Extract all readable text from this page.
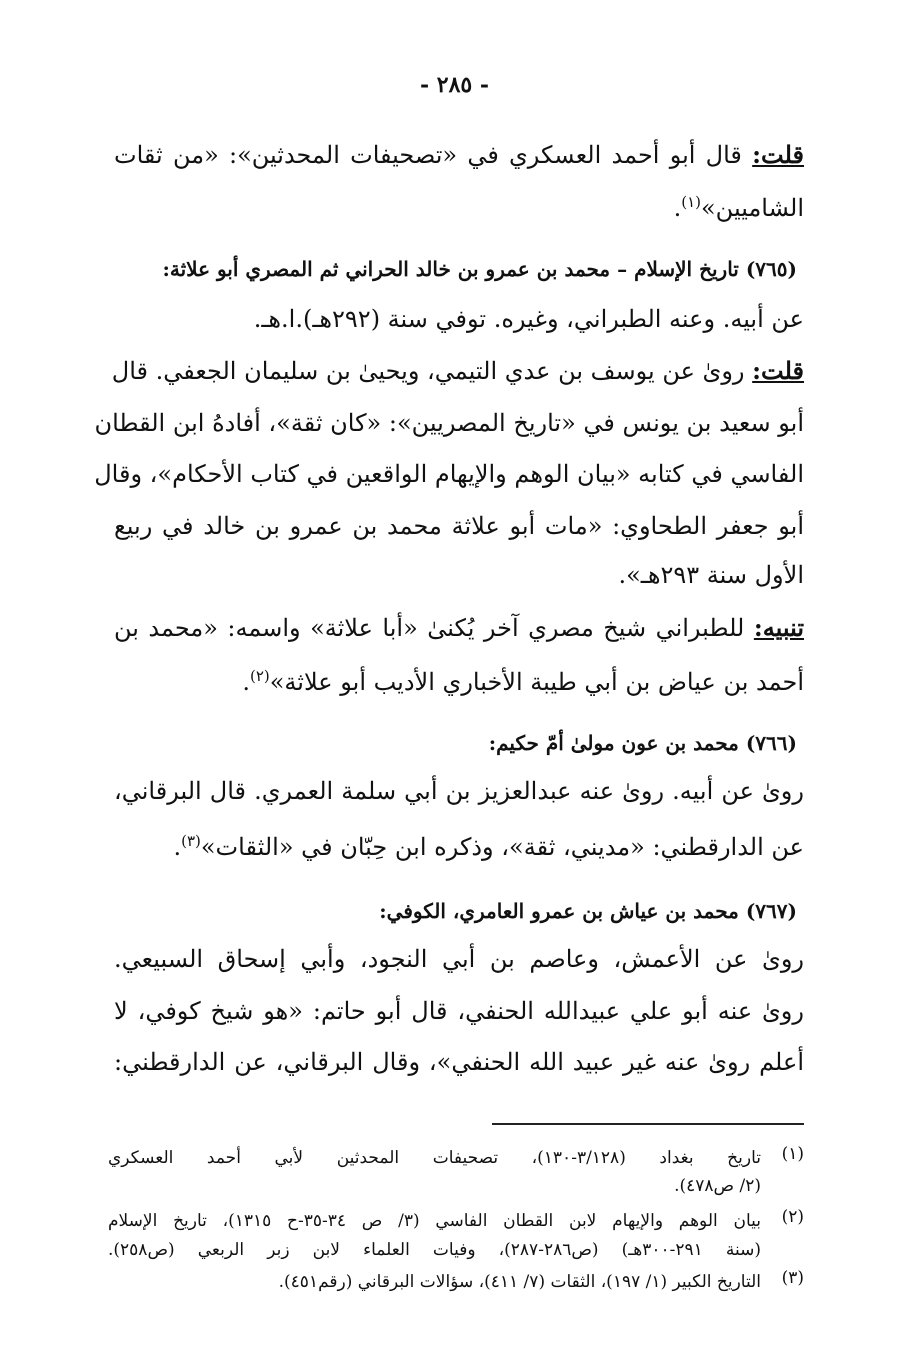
- ٢٨٥ -
قلت: قال أبو أحمد العسكري في «تصحيفات المحدثين»: «من ثقات
الشاميين»$^{(١)}$.
(٧٦٥) تاريخ الإسلام – محمد بن عمرو بن خالد الحراني ثم المصري أبو علاثة:
عن أبيه. وعنه الطبراني، وغيره. توفي سنة (٢٩٢هـ).ا.هـ.
قلت: روىٰ عن يوسف بن عدي التيمي، ويحيىٰ بن سليمان الجعفي. قال
أبو سعيد بن يونس في «تاريخ المصريين»: «كان ثقة»، أفادهُ ابن القطان
الفاسي في كتابه «بيان الوهم والإيهام الواقعين في كتاب الأحكام»، وقال
أبو جعفر الطحاوي: «مات أبو علاثة محمد بن عمرو بن خالد في ربيع
الأول سنة ٢٩٣هـ».
تنبيه: للطبراني شيخ مصري آخر يُكنىٰ «أبا علاثة» واسمه: «محمد بن
أحمد بن عياض بن أبي طيبة الأخباري الأديب أبو علاثة»$^{(٢)}$.
(٧٦٦) محمد بن عون مولىٰ أمّ حكيم:
روىٰ عن أبيه. روىٰ عنه عبدالعزيز بن أبي سلمة العمري. قال البرقاني،
عن الدارقطني: «مديني، ثقة»، وذكره ابن حِبّان في «الثقات»$^{(٣)}$.
(٧٦٧) محمد بن عياش بن عمرو العامري، الكوفي:
روىٰ عن الأعمش، وعاصم بن أبي النجود، وأبي إسحاق السبيعي.
روىٰ عنه أبو علي عبيدالله الحنفي، قال أبو حاتم: «هو شيخ كوفي، لا
أعلم روىٰ عنه غير عبيد الله الحنفي»، وقال البرقاني، عن الدارقطني:
(١)
تاريخ بغداد (٣/١٢٨-١٣٠)، تصحيفات المحدثين لأبي أحمد العسكري
(٢/ ص٤٧٨).
(٢)
بيان الوهم والإيهام لابن القطان الفاسي (٣/ ص ٣٤-٣٥-ح ١٣١٥)، تاريخ الإسلام
(سنة ٢٩١-٣٠٠هـ) (ص٢٨٦-٢٨٧)، وفيات العلماء لابن زبر الربعي (ص٢٥٨).
(٣)
التاريخ الكبير (١/ ١٩٧)، الثقات (٧/ ٤١١)، سؤالات البرقاني (رقم٤٥١).
